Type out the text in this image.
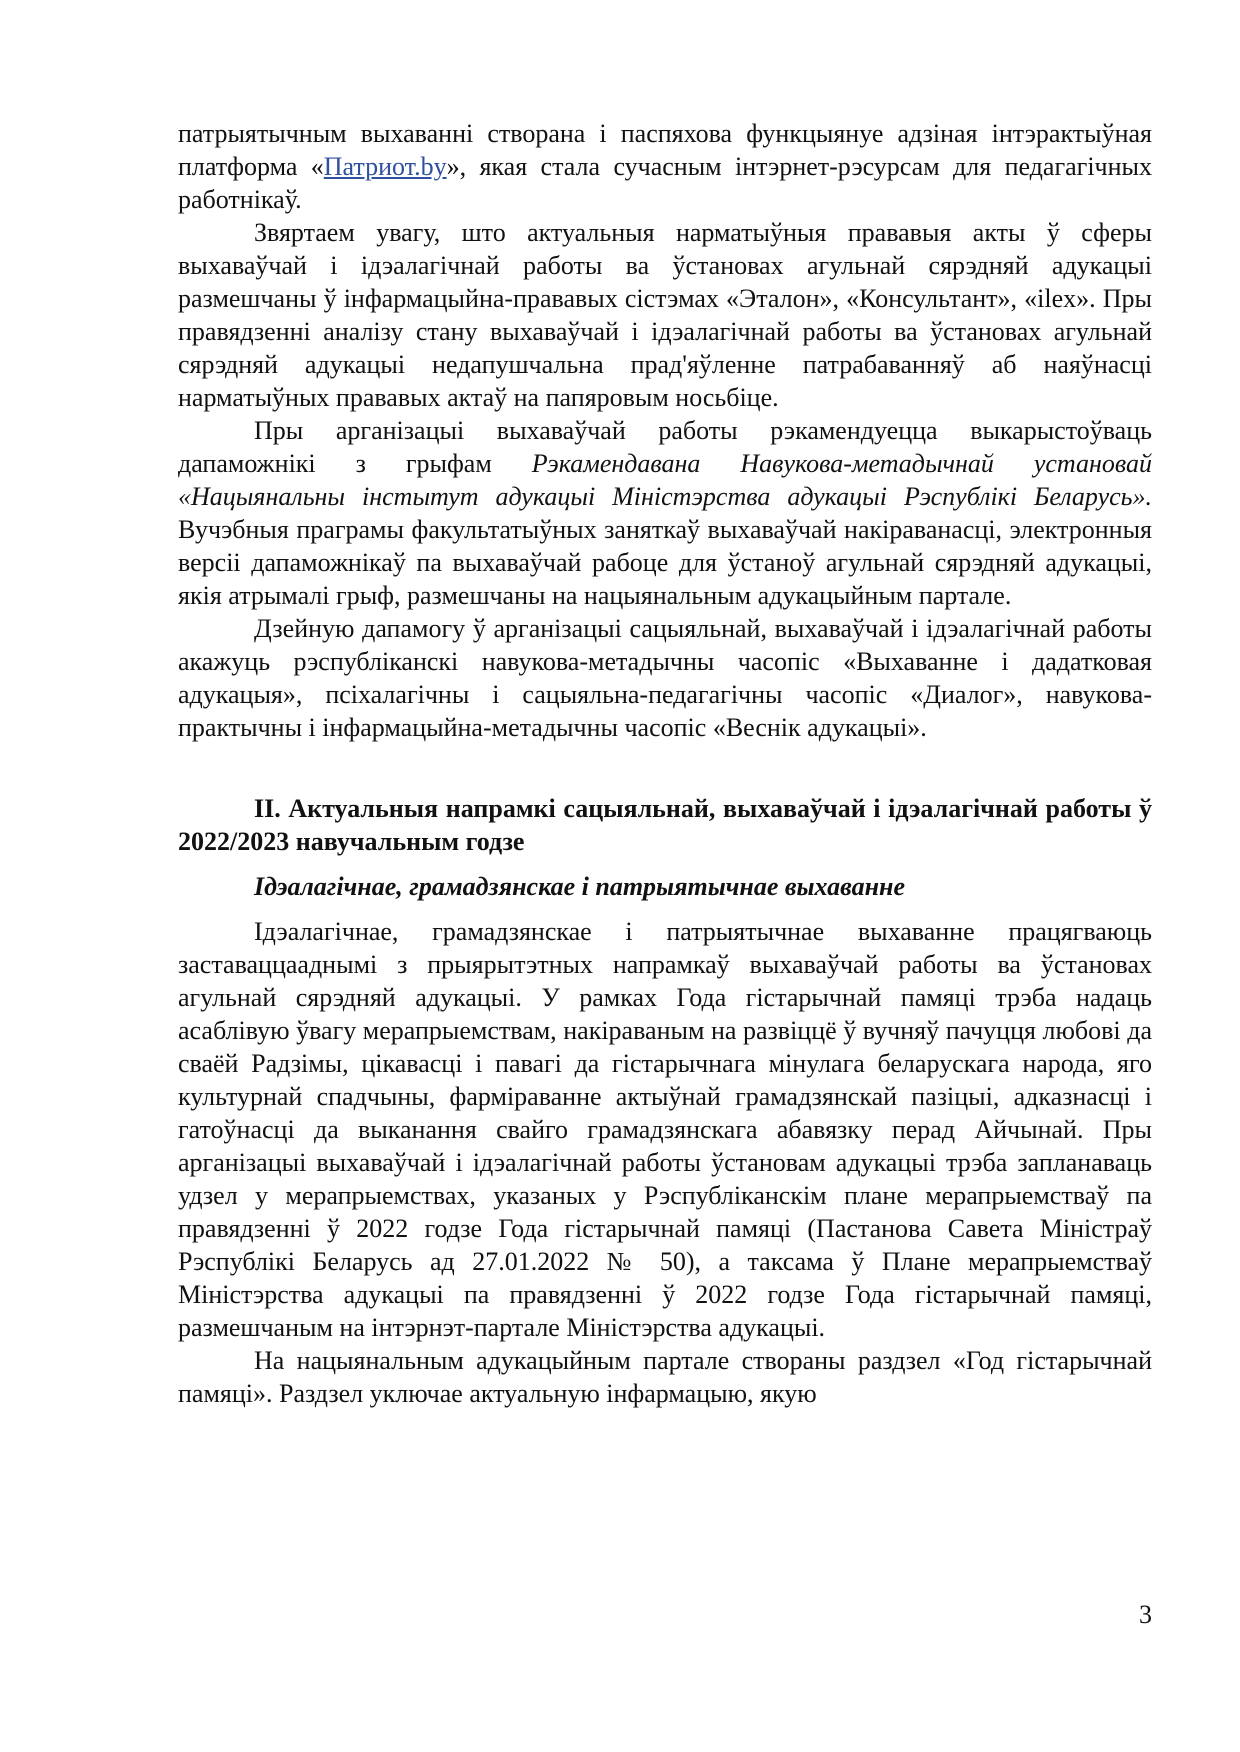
патрыятычным выхаванні створана і паспяхова функцыянуе адзіная інтэрактыўная платформа «Патриот.by», якая стала сучасным інтэрнет-рэсурсам для педагагічных работнікаў.

Звяртаем увагу, што актуальныя нарматыўныя прававыя акты ў сферы выхаваўчай і ідэалагічнай работы ва ўстановах агульнай сярэдняй адукацыі размешчаны ў інфармацыйна-прававых сістэмах «Эталон», «Консультант», «ilex». Пры правядзенні аналізу стану выхаваўчай і ідэалагічнай работы ва ўстановах агульнай сярэдняй адукацыі недапушчальна прад'яўленне патрабаванняў аб наяўнасці нарматыўных прававых актаў на папяровым носьбіце.

Пры арганізацыі выхаваўчай работы рэкамендуецца выкарыстоўваць дапаможнікі з грыфам Рэкамендавана Навукова-метадычнай установай «Нацыянальны інстытут адукацыі Міністэрства адукацыі Рэспублікі Беларусь». Вучэбныя праграмы факультатыўных заняткаў выхаваўчай накіраванасці, электронныя версіі дапаможнікаў па выхаваўчай рабоце для ўстаноў агульнай сярэдняй адукацыі, якія атрымалі грыф, размешчаны на нацыянальным адукацыйным партале.

Дзейную дапамогу ў арганізацыі сацыяльнай, выхаваўчай і ідэалагічнай работы акажуць рэспубліканскі навукова-метадычны часопіс «Выхаванне і дадатковая адукацыя», псіхалагічны і сацыяльна-педагагічны часопіс «Диалог», навукова-практычны і інфармацыйна-метадычны часопіс «Веснік адукацыі».

ІІ. Актуальныя напрамкі сацыяльнай, выхаваўчай і ідэалагічнай работы ў 2022/2023 навучальным годзе

Ідэалагічнае, грамадзянскае і патрыятычнае выхаванне

Ідэалагічнае, грамадзянскае і патрыятычнае выхаванне працягваюць заставаццааднымі з прыярытэтных напрамкаў выхаваўчай работы ва ўстановах агульнай сярэдняй адукацыі. У рамках Года гістарычнай памяці трэба надаць асаблівую ўвагу мерапрыемствам, накіраваным на развіццё ў вучняў пачуцця любові да сваёй Радзімы, цікавасці і павагі да гістарычнага мінулага беларускага народа, яго культурнай спадчыны, фарміраванне актыўнай грамадзянскай пазіцыі, адказнасці і гатоўнасці да выканання свайго грамадзянскага абавязку перад Айчынай. Пры арганізацыі выхаваўчай і ідэалагічнай работы ўстановам адукацыі трэба запланаваць удзел у мерапрыемствах, указаных у Рэспубліканскім плане мерапрыемстваў па правядзенні ў 2022 годзе Года гістарычнай памяці (Пастанова Савета Міністраў Рэспублікі Беларусь ад 27.01.2022 № 50), а таксама ў Плане мерапрыемстваў Міністэрства адукацыі па правядзенні ў 2022 годзе Года гістарычнай памяці, размешчаным на інтэрнэт-партале Міністэрства адукацыі.

На нацыянальным адукацыйным партале створаны раздзел «Год гістарычнай памяці». Раздзел уключае актуальную інфармацыю, якую

3
